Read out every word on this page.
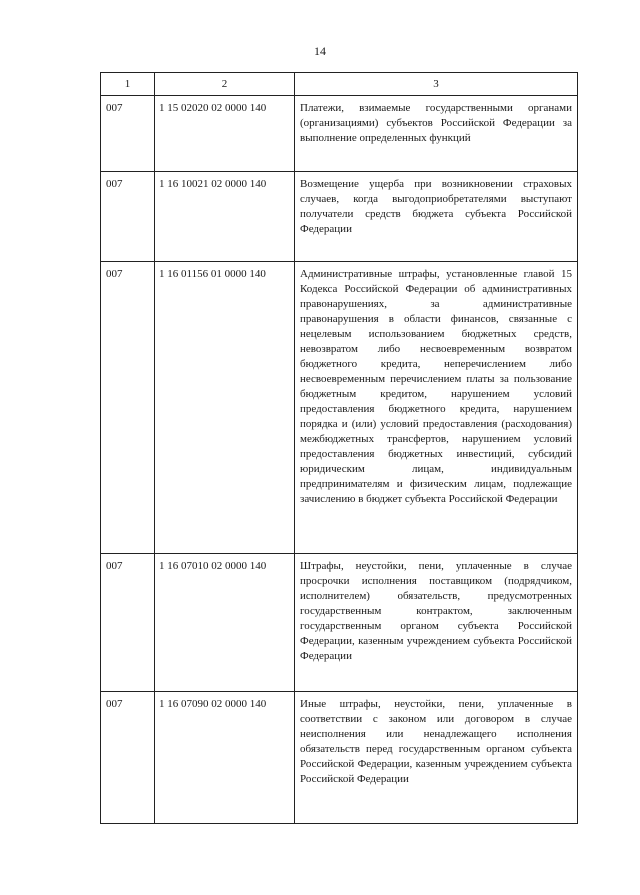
14
1	2	3
007	1 15 02020 02 0000 140	Платежи, взимаемые государственными органами (организациями) субъектов Российской Федерации за выполнение определенных функций
007	1 16 10021 02 0000 140	Возмещение ущерба при возникновении страховых случаев, когда выгодоприобретателями выступают получатели средств бюджета субъекта Российской Федерации
007	1 16 01156 01 0000 140	Административные штрафы, установленные главой 15 Кодекса Российской Федерации об административных правонарушениях, за административные правонарушения в области финансов, связанные с нецелевым использованием бюджетных средств, невозвратом либо несвоевременным возвратом бюджетного кредита, неперечислением либо несвоевременным перечислением платы за пользование бюджетным кредитом, нарушением условий предоставления бюджетного кредита, нарушением порядка и (или) условий предоставления (расходования) межбюджетных трансфертов, нарушением условий предоставления бюджетных инвестиций, субсидий юридическим лицам, индивидуальным предпринимателям и физическим лицам, подлежащие зачислению в бюджет субъекта Российской Федерации
007	1 16 07010 02 0000 140	Штрафы, неустойки, пени, уплаченные в случае просрочки исполнения поставщиком (подрядчиком, исполнителем) обязательств, предусмотренных государственным контрактом, заключенным государственным органом субъекта Российской Федерации, казенным учреждением субъекта Российской Федерации
007	1 16 07090 02 0000 140	Иные штрафы, неустойки, пени, уплаченные в соответствии с законом или договором в случае неисполнения или ненадлежащего исполнения обязательств перед государственным органом субъекта Российской Федерации, казенным учреждением субъекта Российской Федерации
